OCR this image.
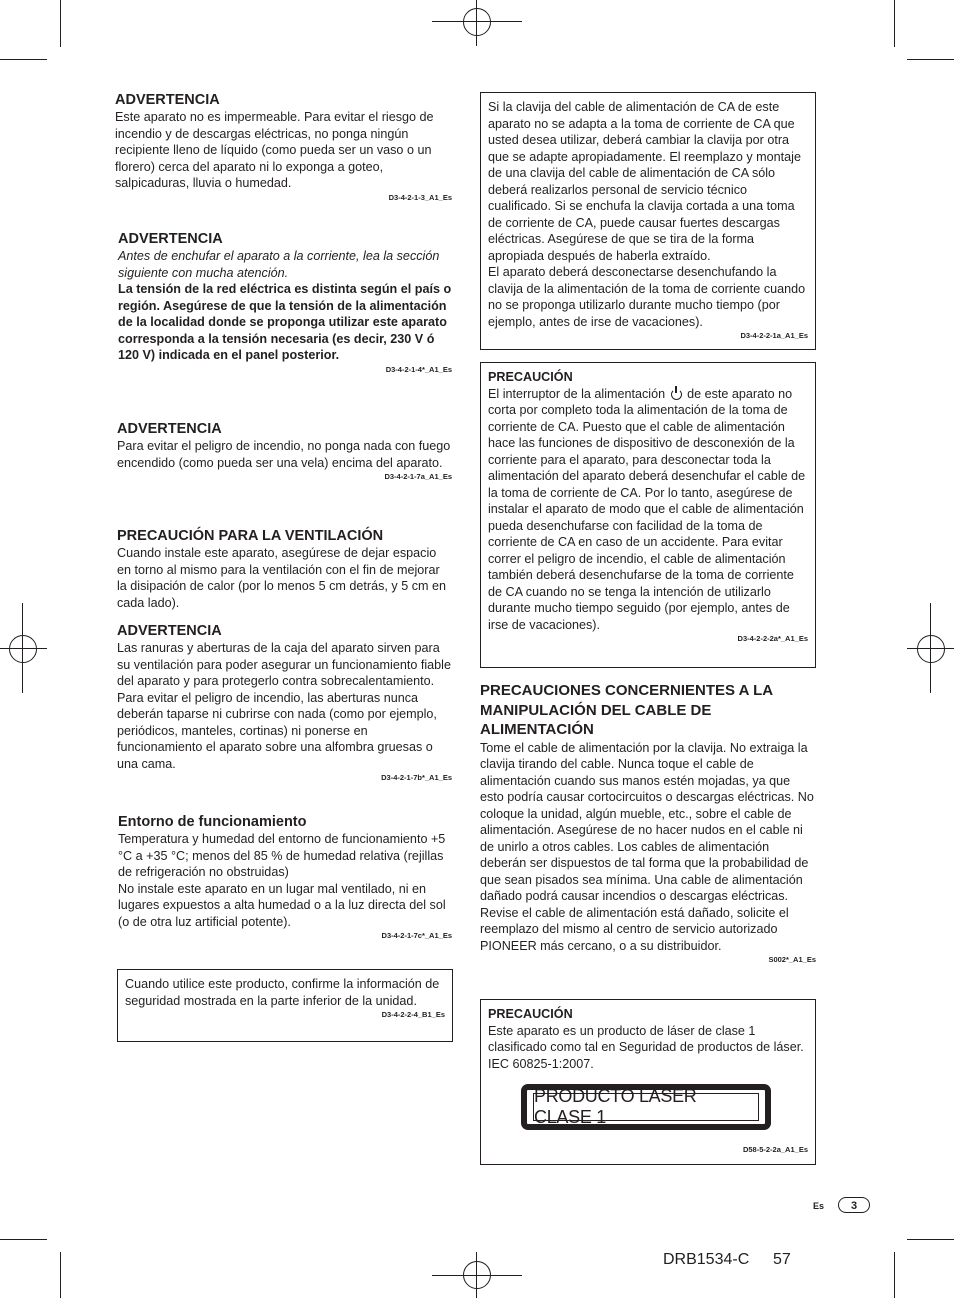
ADVERTENCIA

Este aparato no es impermeable. Para evitar el riesgo de incendio y de descargas eléctricas, no ponga ningún recipiente lleno de líquido (como pueda ser un vaso o un florero) cerca del aparato ni lo exponga a goteo, salpicaduras, lluvia o humedad.

D3-4-2-1-3_A1_Es

ADVERTENCIA

Antes de enchufar el aparato a la corriente, lea la sección siguiente con mucha atención.

La tensión de la red eléctrica es distinta según el país o región. Asegúrese de que la tensión de la alimentación de la localidad donde se proponga utilizar este aparato corresponda a la tensión necesaria (es decir, 230 V ó 120 V) indicada en el panel posterior.

D3-4-2-1-4*_A1_Es

ADVERTENCIA

Para evitar el peligro de incendio, no ponga nada con fuego encendido (como pueda ser una vela) encima del aparato.

D3-4-2-1-7a_A1_Es

PRECAUCIÓN PARA LA VENTILACIÓN

Cuando instale este aparato, asegúrese de dejar espacio en torno al mismo para la ventilación con el fin de mejorar la disipación de calor (por lo menos 5 cm detrás, y 5 cm en cada lado).

ADVERTENCIA

Las ranuras y aberturas de la caja del aparato sirven para su ventilación para poder asegurar un funcionamiento fiable del aparato y para protegerlo contra sobrecalentamiento. Para evitar el peligro de incendio, las aberturas nunca deberán taparse ni cubrirse con nada (como por ejemplo, periódicos, manteles, cortinas) ni ponerse en funcionamiento el aparato sobre una alfombra gruesas o una cama.

D3-4-2-1-7b*_A1_Es

Entorno de funcionamiento

Temperatura y humedad del entorno de funcionamiento +5 °C a +35 °C; menos del 85 % de humedad relativa (rejillas de refrigeración no obstruidas)

No instale este aparato en un lugar mal ventilado, ni en lugares expuestos a alta humedad o a la luz directa del sol (o de otra luz artificial potente).

D3-4-2-1-7c*_A1_Es

Cuando utilice este producto, confirme la información de seguridad mostrada en la parte inferior de la unidad.

D3-4-2-2-4_B1_Es

Si la clavija del cable de alimentación de CA de este aparato no se adapta a la toma de corriente de CA que usted desea utilizar, deberá cambiar la clavija por otra que se adapte apropiadamente. El reemplazo y montaje de una clavija del cable de alimentación de CA sólo deberá realizarlos personal de servicio técnico cualificado. Si se enchufa la clavija cortada a una toma de corriente de CA, puede causar fuertes descargas eléctricas. Asegúrese de que se tira de la forma apropiada después de haberla extraído.

El aparato deberá desconectarse desenchufando la clavija de la alimentación de la toma de corriente cuando no se proponga utilizarlo durante mucho tiempo (por ejemplo, antes de irse de vacaciones).

D3-4-2-2-1a_A1_Es

PRECAUCIÓN

El interruptor de la alimentación de este aparato no corta por completo toda la alimentación de la toma de corriente de CA. Puesto que el cable de alimentación hace las funciones de dispositivo de desconexión de la corriente para el aparato, para desconectar toda la alimentación del aparato deberá desenchufar el cable de la toma de corriente de CA. Por lo tanto, asegúrese de instalar el aparato de modo que el cable de alimentación pueda desenchufarse con facilidad de la toma de corriente de CA en caso de un accidente. Para evitar correr el peligro de incendio, el cable de alimentación también deberá desenchufarse de la toma de corriente de CA cuando no se tenga la intención de utilizarlo durante mucho tiempo seguido (por ejemplo, antes de irse de vacaciones).

D3-4-2-2-2a*_A1_Es

PRECAUCIONES CONCERNIENTES A LA MANIPULACIÓN DEL CABLE DE ALIMENTACIÓN

Tome el cable de alimentación por la clavija. No extraiga la clavija tirando del cable. Nunca toque el cable de alimentación cuando sus manos estén mojadas, ya que esto podría causar cortocircuitos o descargas eléctricas. No coloque la unidad, algún mueble, etc., sobre el cable de alimentación. Asegúrese de no hacer nudos en el cable ni de unirlo a otros cables. Los cables de alimentación deberán ser dispuestos de tal forma que la probabilidad de que sean pisados sea mínima. Una cable de alimentación dañado podrá causar incendios o descargas eléctricas. Revise el cable de alimentación está dañado, solicite el reemplazo del mismo al centro de servicio autorizado PIONEER más cercano, o a su distribuidor.

S002*_A1_Es

PRECAUCIÓN

Este aparato es un producto de láser de clase 1 clasificado como tal en Seguridad de productos de láser. IEC 60825-1:2007.

PRODUCTO LASER CLASE 1

D58-5-2-2a_A1_Es

Es	3
DRB1534-C 57
